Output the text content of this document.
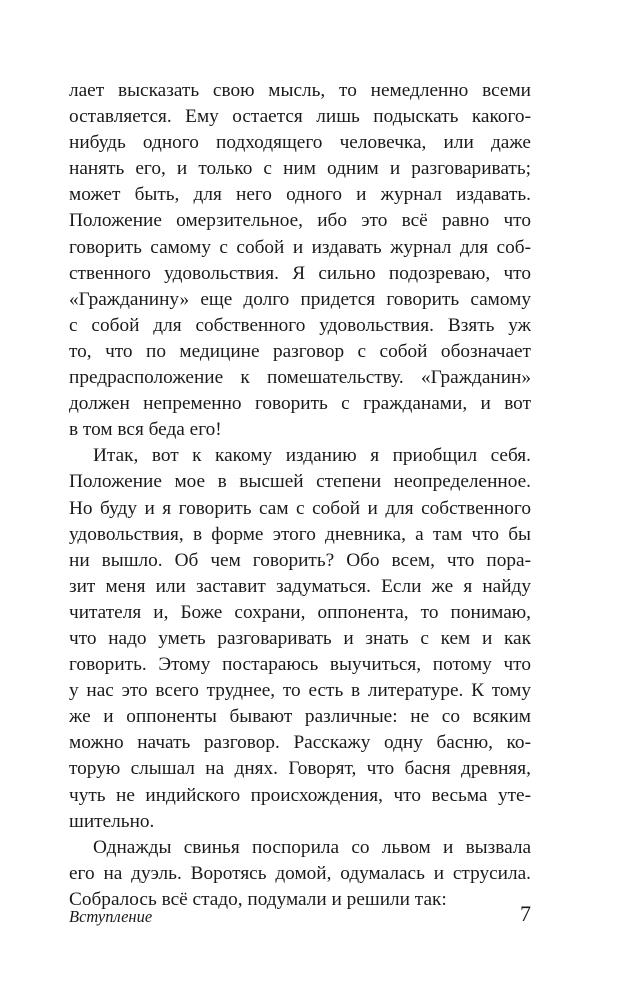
лает высказать свою мысль, то немедленно всеми
оставляется. Ему остается лишь подыскать какого-
нибудь одного подходящего человечка, или даже
нанять его, и только с ним одним и разговаривать;
может быть, для него одного и журнал издавать.
Положение омерзительное, ибо это всё равно что
говорить самому с собой и издавать журнал для соб-
ственного удовольствия. Я сильно подозреваю, что
«Гражданину» еще долго придется говорить самому
с собой для собственного удовольствия. Взять уж
то, что по медицине разговор с собой обозначает
предрасположение к помешательству. «Гражданин»
должен непременно говорить с гражданами, и вот
в том вся беда его!
Итак, вот к какому изданию я приобщил себя.
Положение мое в высшей степени неопределенное.
Но буду и я говорить сам с собой и для собственного
удовольствия, в форме этого дневника, а там что бы
ни вышло. Об чем говорить? Обо всем, что пора-
зит меня или заставит задуматься. Если же я найду
читателя и, Боже сохрани, оппонента, то понимаю,
что надо уметь разговаривать и знать с кем и как
говорить. Этому постараюсь выучиться, потому что
у нас это всего труднее, то есть в литературе. К тому
же и оппоненты бывают различные: не со всяким
можно начать разговор. Расскажу одну басню, ко-
торую слышал на днях. Говорят, что басня древняя,
чуть не индийского происхождения, что весьма уте-
шительно.
Однажды свинья поспорила со львом и вызвала
его на дуэль. Воротясь домой, одумалась и струсила.
Собралось всё стадо, подумали и решили так:
Вступление	7
